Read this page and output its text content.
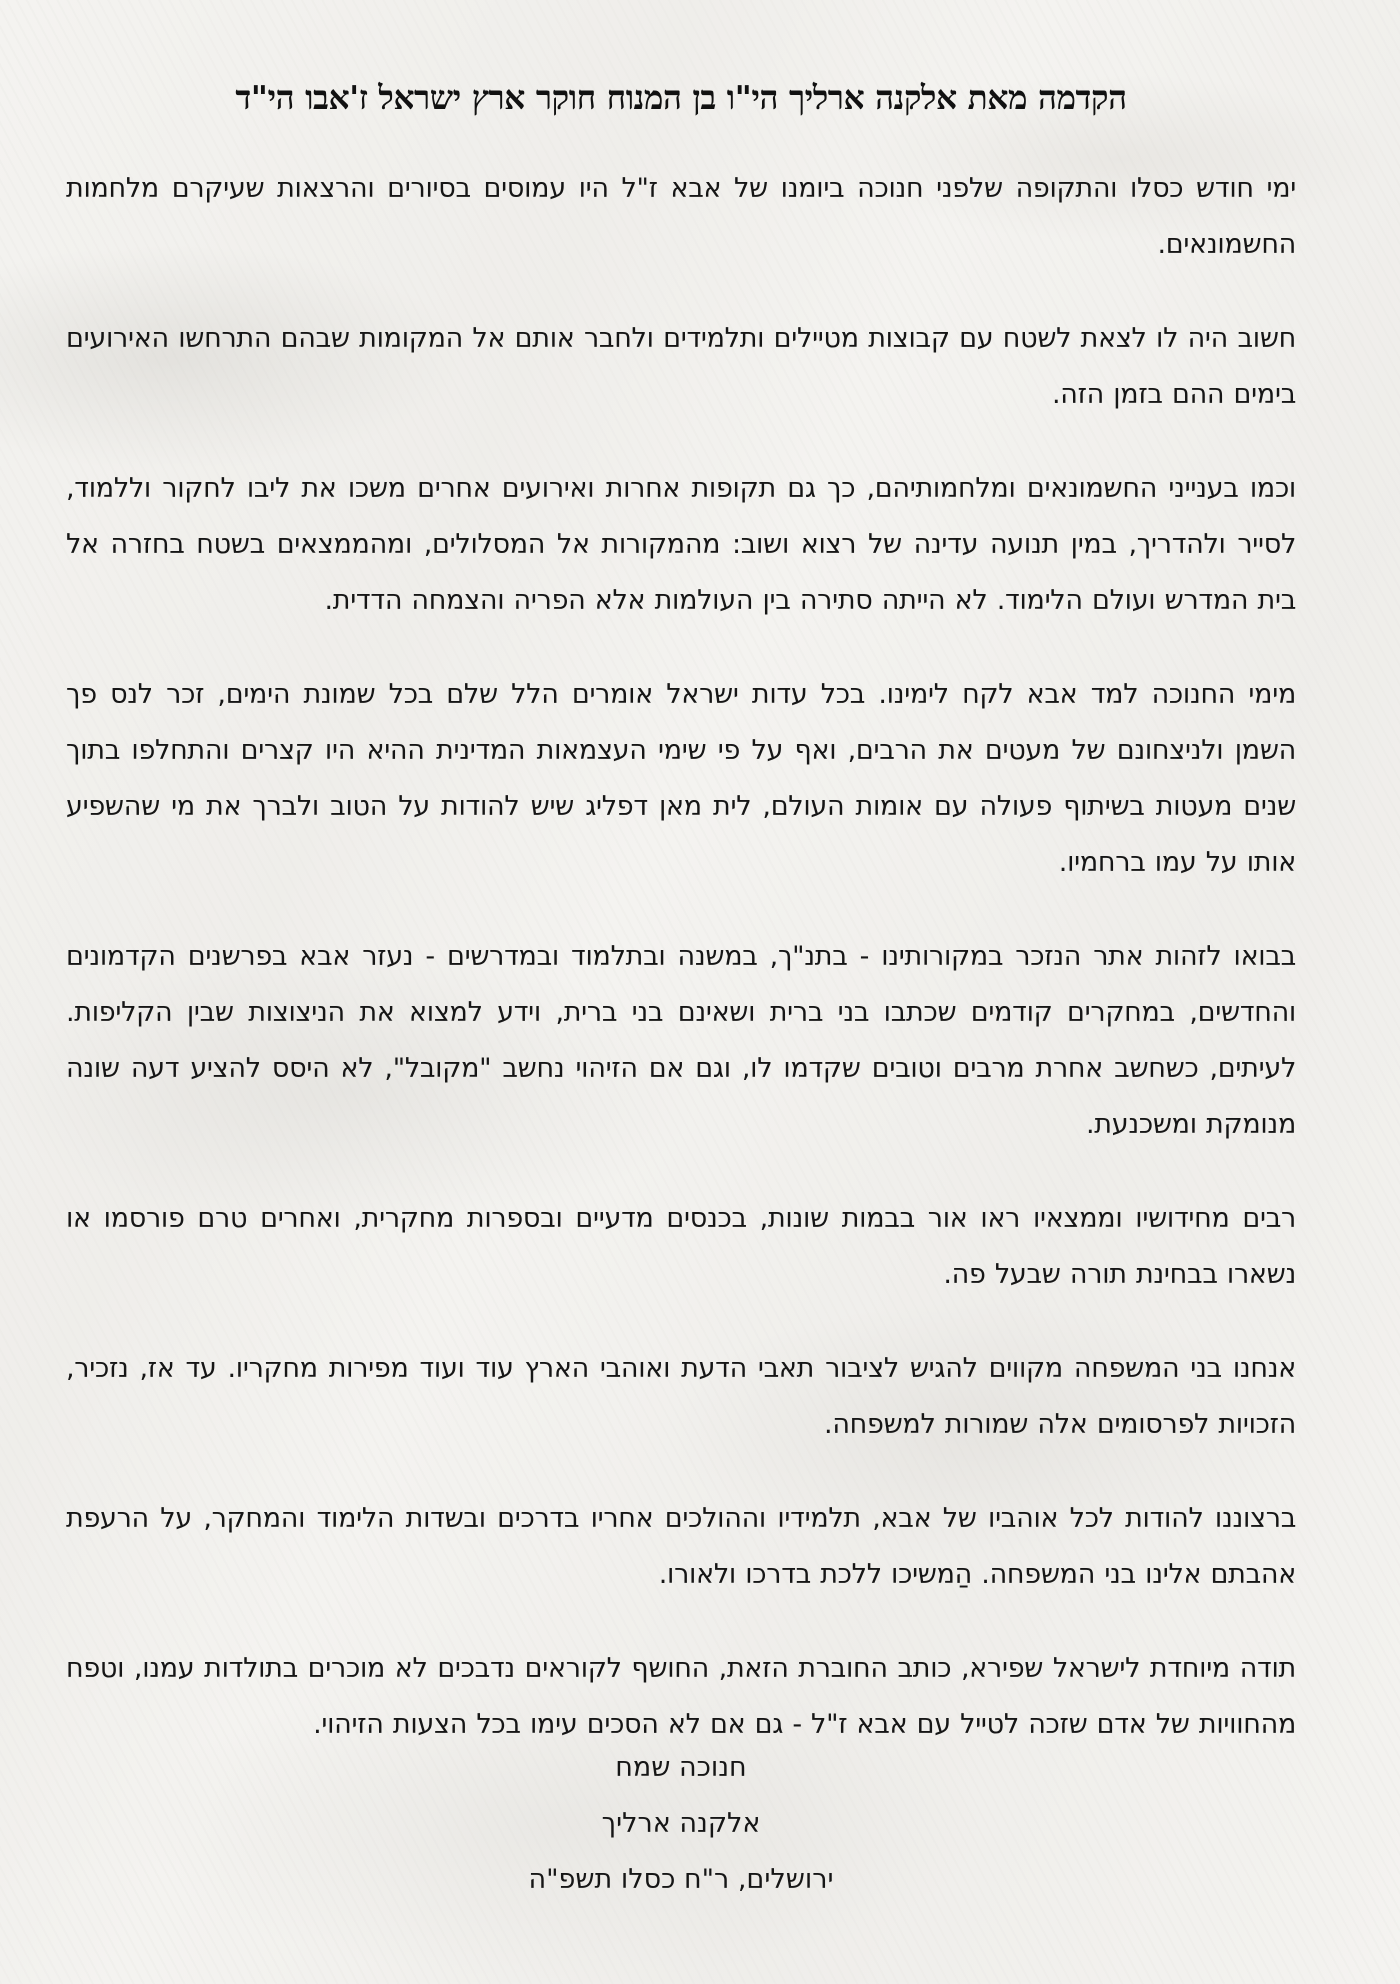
הקדמה מאת אלקנה ארליך הי"ו בן המנוח חוקר ארץ ישראל ז'אבו הי"ד

ימי חודש כסלו והתקופה שלפני חנוכה ביומנו של אבא ז"ל היו עמוסים בסיורים והרצאות שעיקרם מלחמות החשמונאים.

חשוב היה לו לצאת לשטח עם קבוצות מטיילים ותלמידים ולחבר אותם אל המקומות שבהם התרחשו האירועים בימים ההם בזמן הזה.

וכמו בענייני החשמונאים ומלחמותיהם, כך גם תקופות אחרות ואירועים אחרים משכו את ליבו לחקור וללמוד, לסייר ולהדריך, במין תנועה עדינה של רצוא ושוב: מהמקורות אל המסלולים, ומהממצאים בשטח בחזרה אל בית המדרש ועולם הלימוד. לא הייתה סתירה בין העולמות אלא הפריה והצמחה הדדית.

מימי החנוכה למד אבא לקח לימינו. בכל עדות ישראל אומרים הלל שלם בכל שמונת הימים, זכר לנס פך השמן ולניצחונם של מעטים את הרבים, ואף על פי שימי העצמאות המדינית ההיא היו קצרים והתחלפו בתוך שנים מעטות בשיתוף פעולה עם אומות העולם, לית מאן דפליג שיש להודות על הטוב ולברך את מי שהשפיע אותו על עמו ברחמיו.

בבואו לזהות אתר הנזכר במקורותינו - בתנ"ך, במשנה ובתלמוד ובמדרשים - נעזר אבא בפרשנים הקדמונים והחדשים, במחקרים קודמים שכתבו בני ברית ושאינם בני ברית, וידע למצוא את הניצוצות שבין הקליפות. לעיתים, כשחשב אחרת מרבים וטובים שקדמו לו, וגם אם הזיהוי נחשב "מקובל", לא היסס להציע דעה שונה מנומקת ומשכנעת.

רבים מחידושיו וממצאיו ראו אור בבמות שונות, בכנסים מדעיים ובספרות מחקרית, ואחרים טרם פורסמו או נשארו בבחינת תורה שבעל פה.

אנחנו בני המשפחה מקווים להגיש לציבור תאבי הדעת ואוהבי הארץ עוד ועוד מפירות מחקריו. עד אז, נזכיר, הזכויות לפרסומים אלה שמורות למשפחה.

ברצוננו להודות לכל אוהביו של אבא, תלמידיו וההולכים אחריו בדרכים ובשדות הלימוד והמחקר, על הרעפת אהבתם אלינו בני המשפחה. הַמשיכו ללכת בדרכו ולאורו.

תודה מיוחדת לישראל שפירא, כותב החוברת הזאת, החושף לקוראים נדבכים לא מוכרים בתולדות עמנו, וטפח מהחוויות של אדם שזכה לטייל עם אבא ז"ל - גם אם לא הסכים עימו בכל הצעות הזיהוי.

חנוכה שמח

אלקנה ארליך

ירושלים, ר"ח כסלו תשפ"ה
